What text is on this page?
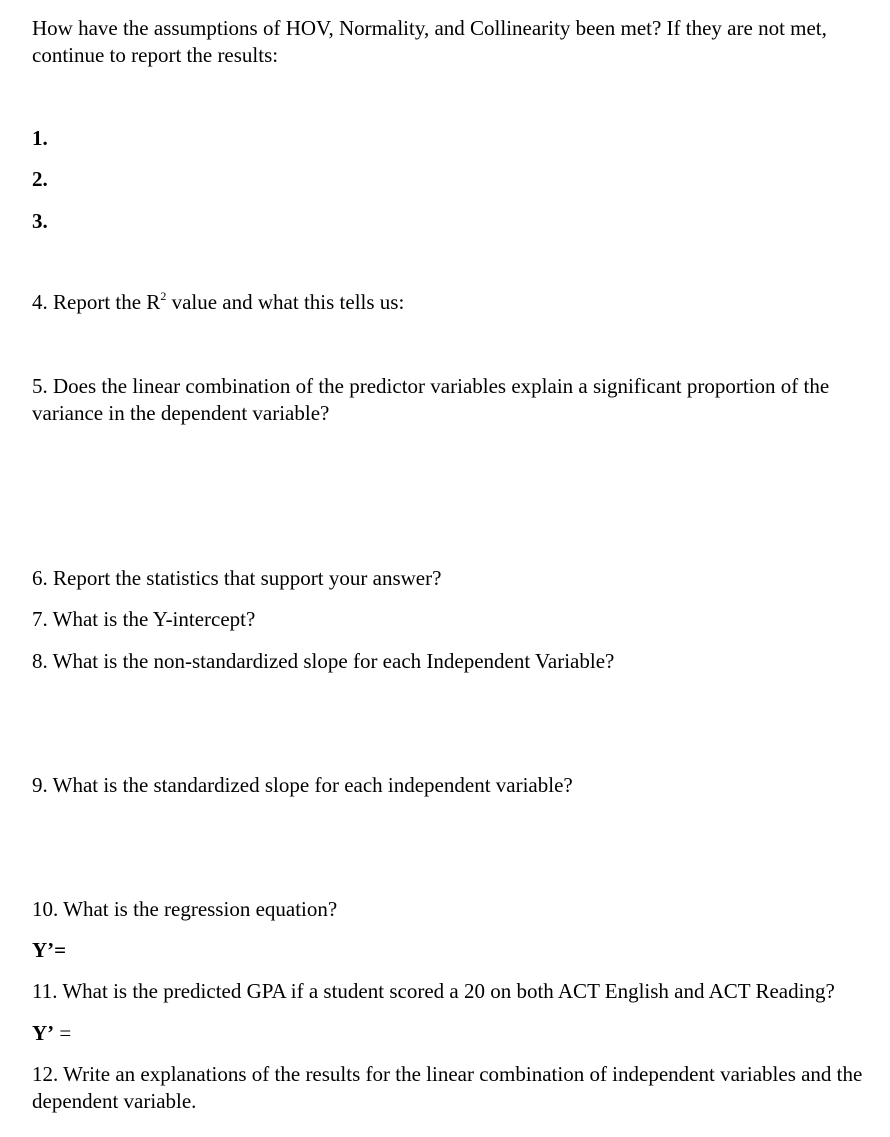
How have the assumptions of HOV, Normality, and Collinearity been met? If they are not met, continue to report the results:

1.

2.

3.

4. Report the $R^2$ value and what this tells us:

5. Does the linear combination of the predictor variables explain a significant proportion of the variance in the dependent variable?

6. Report the statistics that support your answer?

7. What is the Y-intercept?

8. What is the non-standardized slope for each Independent Variable?

9. What is the standardized slope for each independent variable?

10. What is the regression equation?

Y’=

11. What is the predicted GPA if a student scored a 20 on both ACT English and ACT Reading?

Y’ =

12. Write an explanations of the results for the linear combination of independent variables and the dependent variable.
